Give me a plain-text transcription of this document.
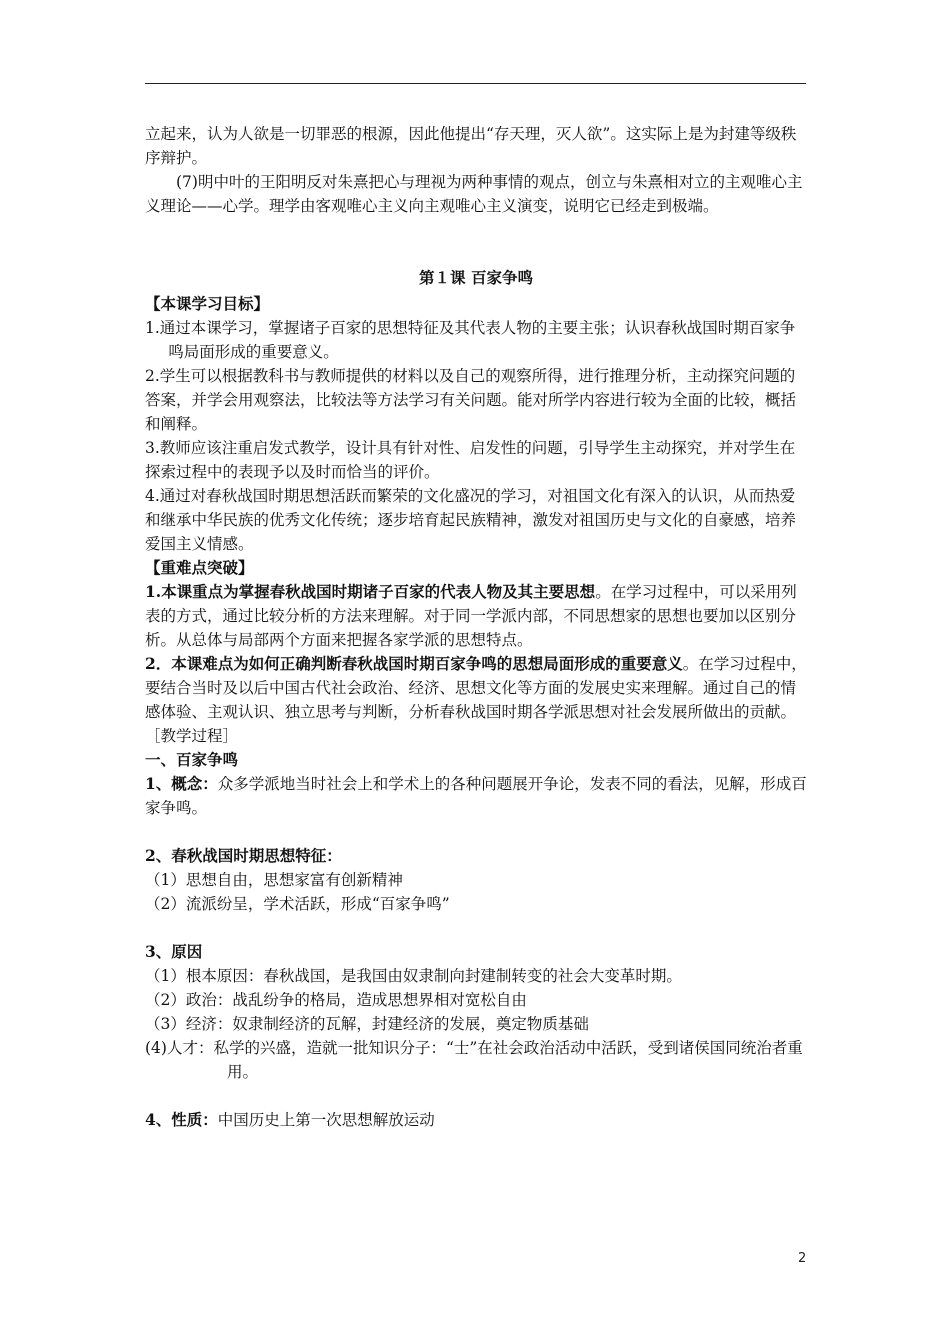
立起来，认为人欲是一切罪恶的根源，因此他提出“存天理，灭人欲”。这实际上是为封建等级秩序辩护。

(7)明中叶的王阳明反对朱熹把心与理视为两种事情的观点，创立与朱熹相对立的主观唯心主义理论——心学。理学由客观唯心主义向主观唯心主义演变，说明它已经走到极端。

第１课 百家争鸣

【本课学习目标】

1.通过本课学习，掌握诸子百家的思想特征及其代表人物的主要主张；认识春秋战国时期百家争鸣局面形成的重要意义。

2.学生可以根据教科书与教师提供的材料以及自己的观察所得，进行推理分析，主动探究问题的答案，并学会用观察法，比较法等方法学习有关问题。能对所学内容进行较为全面的比较，概括和阐释。

3.教师应该注重启发式教学，设计具有针对性、启发性的问题，引导学生主动探究，并对学生在探索过程中的表现予以及时而恰当的评价。

4.通过对春秋战国时期思想活跃而繁荣的文化盛况的学习，对祖国文化有深入的认识，从而热爱和继承中华民族的优秀文化传统；逐步培育起民族精神，激发对祖国历史与文化的自豪感，培养爱国主义情感。

【重难点突破】

1.本课重点为掌握春秋战国时期诸子百家的代表人物及其主要思想。在学习过程中，可以采用列表的方式，通过比较分析的方法来理解。对于同一学派内部，不同思想家的思想也要加以区别分析。从总体与局部两个方面来把握各家学派的思想特点。

2．本课难点为如何正确判断春秋战国时期百家争鸣的思想局面形成的重要意义。在学习过程中，要结合当时及以后中国古代社会政治、经济、思想文化等方面的发展史实来理解。通过自己的情感体验、主观认识、独立思考与判断，分析春秋战国时期各学派思想对社会发展所做出的贡献。

［教学过程］

一、百家争鸣

1、概念：众多学派地当时社会上和学术上的各种问题展开争论，发表不同的看法，见解，形成百家争鸣。

2、春秋战国时期思想特征：

（1）思想自由，思想家富有创新精神

（2）流派纷呈，学术活跃，形成“百家争鸣”

3、原因

（1）根本原因：春秋战国，是我国由奴隶制向封建制转变的社会大变革时期。

（2）政治：战乱纷争的格局，造成思想界相对宽松自由

（3）经济：奴隶制经济的瓦解，封建经济的发展，奠定物质基础

(4)人才：私学的兴盛，造就一批知识分子：“士”在社会政治活动中活跃，受到诸侯国同统治者重用。

4、性质：中国历史上第一次思想解放运动

2
